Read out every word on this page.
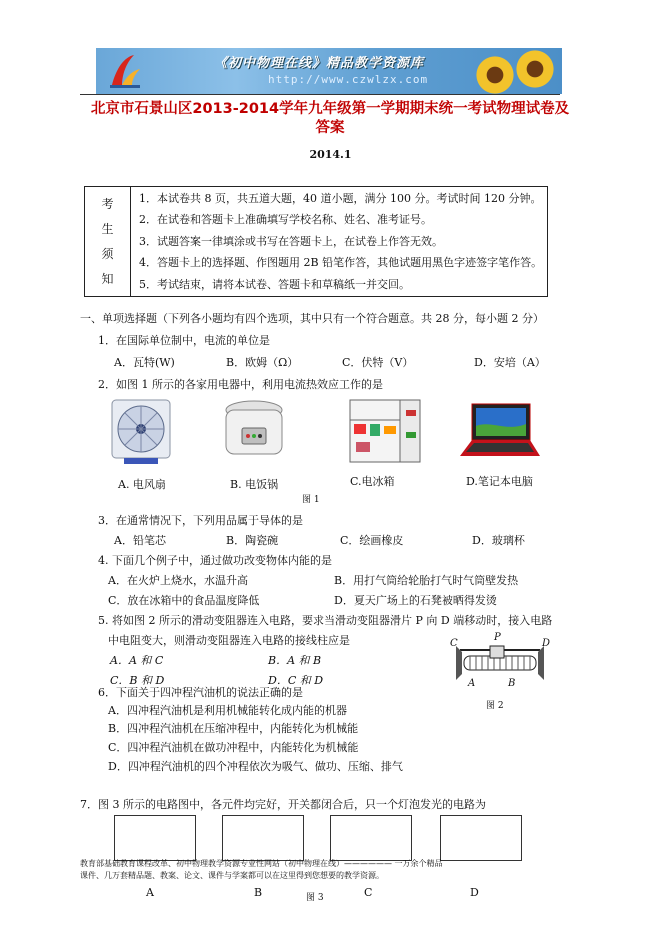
《初中物理在线》精品教学资源库
http://www.czwlzx.com
北京市石景山区2013-2014学年九年级第一学期期末统一考试物理试卷及
答案
2014.1
考
生
须
知

1．本试卷共 8 页，共五道大题，40 道小题，满分 100 分。考试时间 120 分钟。
2．在试卷和答题卡上准确填写学校名称、姓名、准考证号。
3．试题答案一律填涂或书写在答题卡上，在试卷上作答无效。
4．答题卡上的选择题、作图题用 2B 铅笔作答，其他试题用黑色字迹签字笔作答。
5．考试结束，请将本试卷、答题卡和草稿纸一并交回。
一、单项选择题（下列各小题均有四个选项，其中只有一个符合题意。共 28 分，每小题 2 分）
1．在国际单位制中，电流的单位是
A．瓦特(W)	B．欧姆（Ω）	C．伏特（V）	D．安培（A）
2．如图 1 所示的各家用电器中，利用电流热效应工作的是
A. 电风扇	B. 电饭锅	C.电冰箱	D.笔记本电脑
图 1
3．在通常情况下，下列用品属于导体的是
A．铅笔芯	B．陶瓷碗	C．绘画橡皮	D．玻璃杯
4. 下面几个例子中，通过做功改变物体内能的是
A．在火炉上烧水，水温升高	B．用打气筒给轮胎打气时气筒壁发热
C．放在冰箱中的食品温度降低	D．夏天广场上的石凳被晒得发烫
5. 将如图 2 所示的滑动变阻器连入电路，要求当滑动变阻器滑片 P 向 D 端移动时，接入电路
中电阻变大，则滑动变阻器连入电路的接线柱应是
A．A 和 C	B．A 和 B
C．B 和 D	D．C 和 D
P
C	D
A	B
图 2
6．下面关于四冲程汽油机的说法正确的是
A．四冲程汽油机是利用机械能转化成内能的机器
B．四冲程汽油机在压缩冲程中，内能转化为机械能
C．四冲程汽油机在做功冲程中，内能转化为机械能
D．四冲程汽油机的四个冲程依次为吸气、做功、压缩、排气
7．图 3 所示的电路图中，各元件均完好，开关都闭合后，只一个灯泡发光的电路为
教育部基础教育课程改革、初中物理教学资源专业性网站（初中物理在线）—————— 一万余个精品
课件、几万套精品题、教案、论文、课件与学案都可以在这里得到您想要的教学资源。
A	B	C	D
图 3
